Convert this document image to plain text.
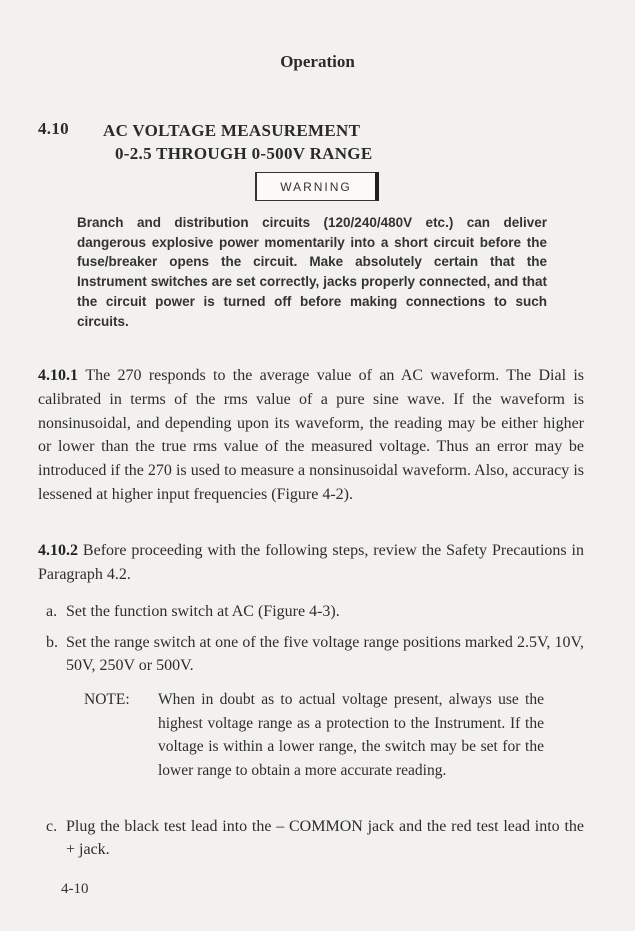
Operation
4.10 AC VOLTAGE MEASUREMENT
0-2.5 THROUGH 0-500V RANGE
WARNING
Branch and distribution circuits (120/240/480V etc.) can deliver dangerous explosive power momentarily into a short circuit before the fuse/breaker opens the circuit. Make absolutely certain that the Instrument switches are set correctly, jacks properly connected, and that the circuit power is turned off before making connections to such circuits.
4.10.1 The 270 responds to the average value of an AC waveform. The Dial is calibrated in terms of the rms value of a pure sine wave. If the waveform is nonsinusoidal, and depending upon its waveform, the reading may be either higher or lower than the true rms value of the measured voltage. Thus an error may be introduced if the 270 is used to measure a nonsinusoidal waveform. Also, accuracy is lessened at higher input frequencies (Figure 4-2).
4.10.2 Before proceeding with the following steps, review the Safety Precautions in Paragraph 4.2.
a. Set the function switch at AC (Figure 4-3).
b. Set the range switch at one of the five voltage range positions marked 2.5V, 10V, 50V, 250V or 500V.
NOTE:	When in doubt as to actual voltage present, always use the highest voltage range as a protection to the Instrument. If the voltage is within a lower range, the switch may be set for the lower range to obtain a more accurate reading.
c. Plug the black test lead into the – COMMON jack and the red test lead into the + jack.
4-10
